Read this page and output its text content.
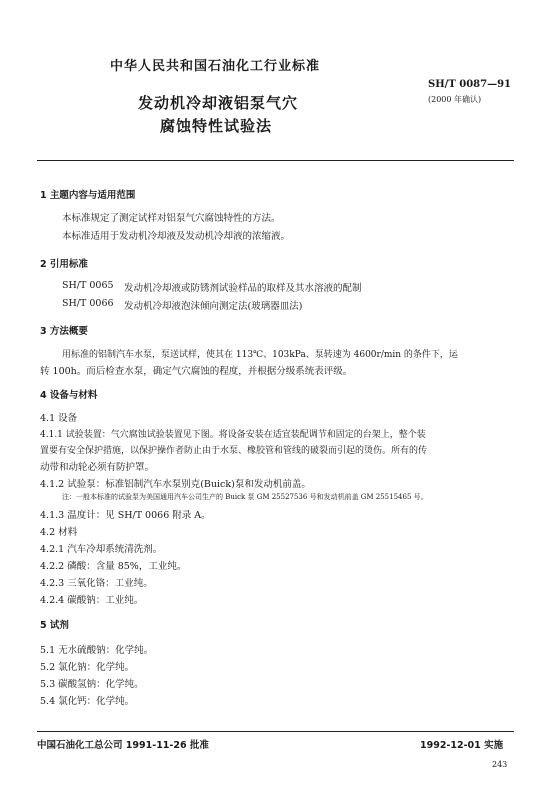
中华人民共和国石油化工行业标准
SH/T 0087—91
(2000 年确认)
发动机冷却液铝泵气穴
腐蚀特性试验法
1 主题内容与适用范围
本标准规定了测定试样对铝泵气穴腐蚀特性的方法。
本标准适用于发动机冷却液及发动机冷却液的浓缩液。
2 引用标准
SH/T 0065 发动机冷却液或防锈剂试验样品的取样及其水溶液的配制
SH/T 0066 发动机冷却液泡沫倾向测定法(玻璃器皿法)
3 方法概要
用标准的铝制汽车水泵，泵送试样，使其在 113℃、103kPa、泵转速为 4600r/min 的条件下，运
转 100h。而后检查水泵，确定气穴腐蚀的程度，并根据分级系统表评级。
4 设备与材料
4.1 设备
4.1.1 试验装置：气穴腐蚀试验装置见下图。将设备安装在适宜装配调节和固定的台架上，整个装
置要有安全保护措施，以保护操作者防止由于水泵、橡胶管和管线的破裂而引起的烫伤。所有的传
动带和动轮必须有防护罩。
4.1.2 试验泵：标准铝制汽车水泵别克(Buick)泵和发动机前盖。
注：一般本标准的试验泵为美国通用汽车公司生产的 Buick 泵 GM 25527536 号和发动机前盖 GM 25515465 号。
4.1.3 温度计：见 SH/T 0066 附录 A。
4.2 材料
4.2.1 汽车冷却系统清洗剂。
4.2.2 磷酸：含量 85%，工业纯。
4.2.3 三氧化铬：工业纯。
4.2.4 碳酸钠：工业纯。
5 试剂
5.1 无水硫酸钠：化学纯。
5.2 氯化钠：化学纯。
5.3 碳酸氢钠：化学纯。
5.4 氯化钙：化学纯。
中国石油化工总公司 1991-11-26 批准	1992-12-01 实施
243
